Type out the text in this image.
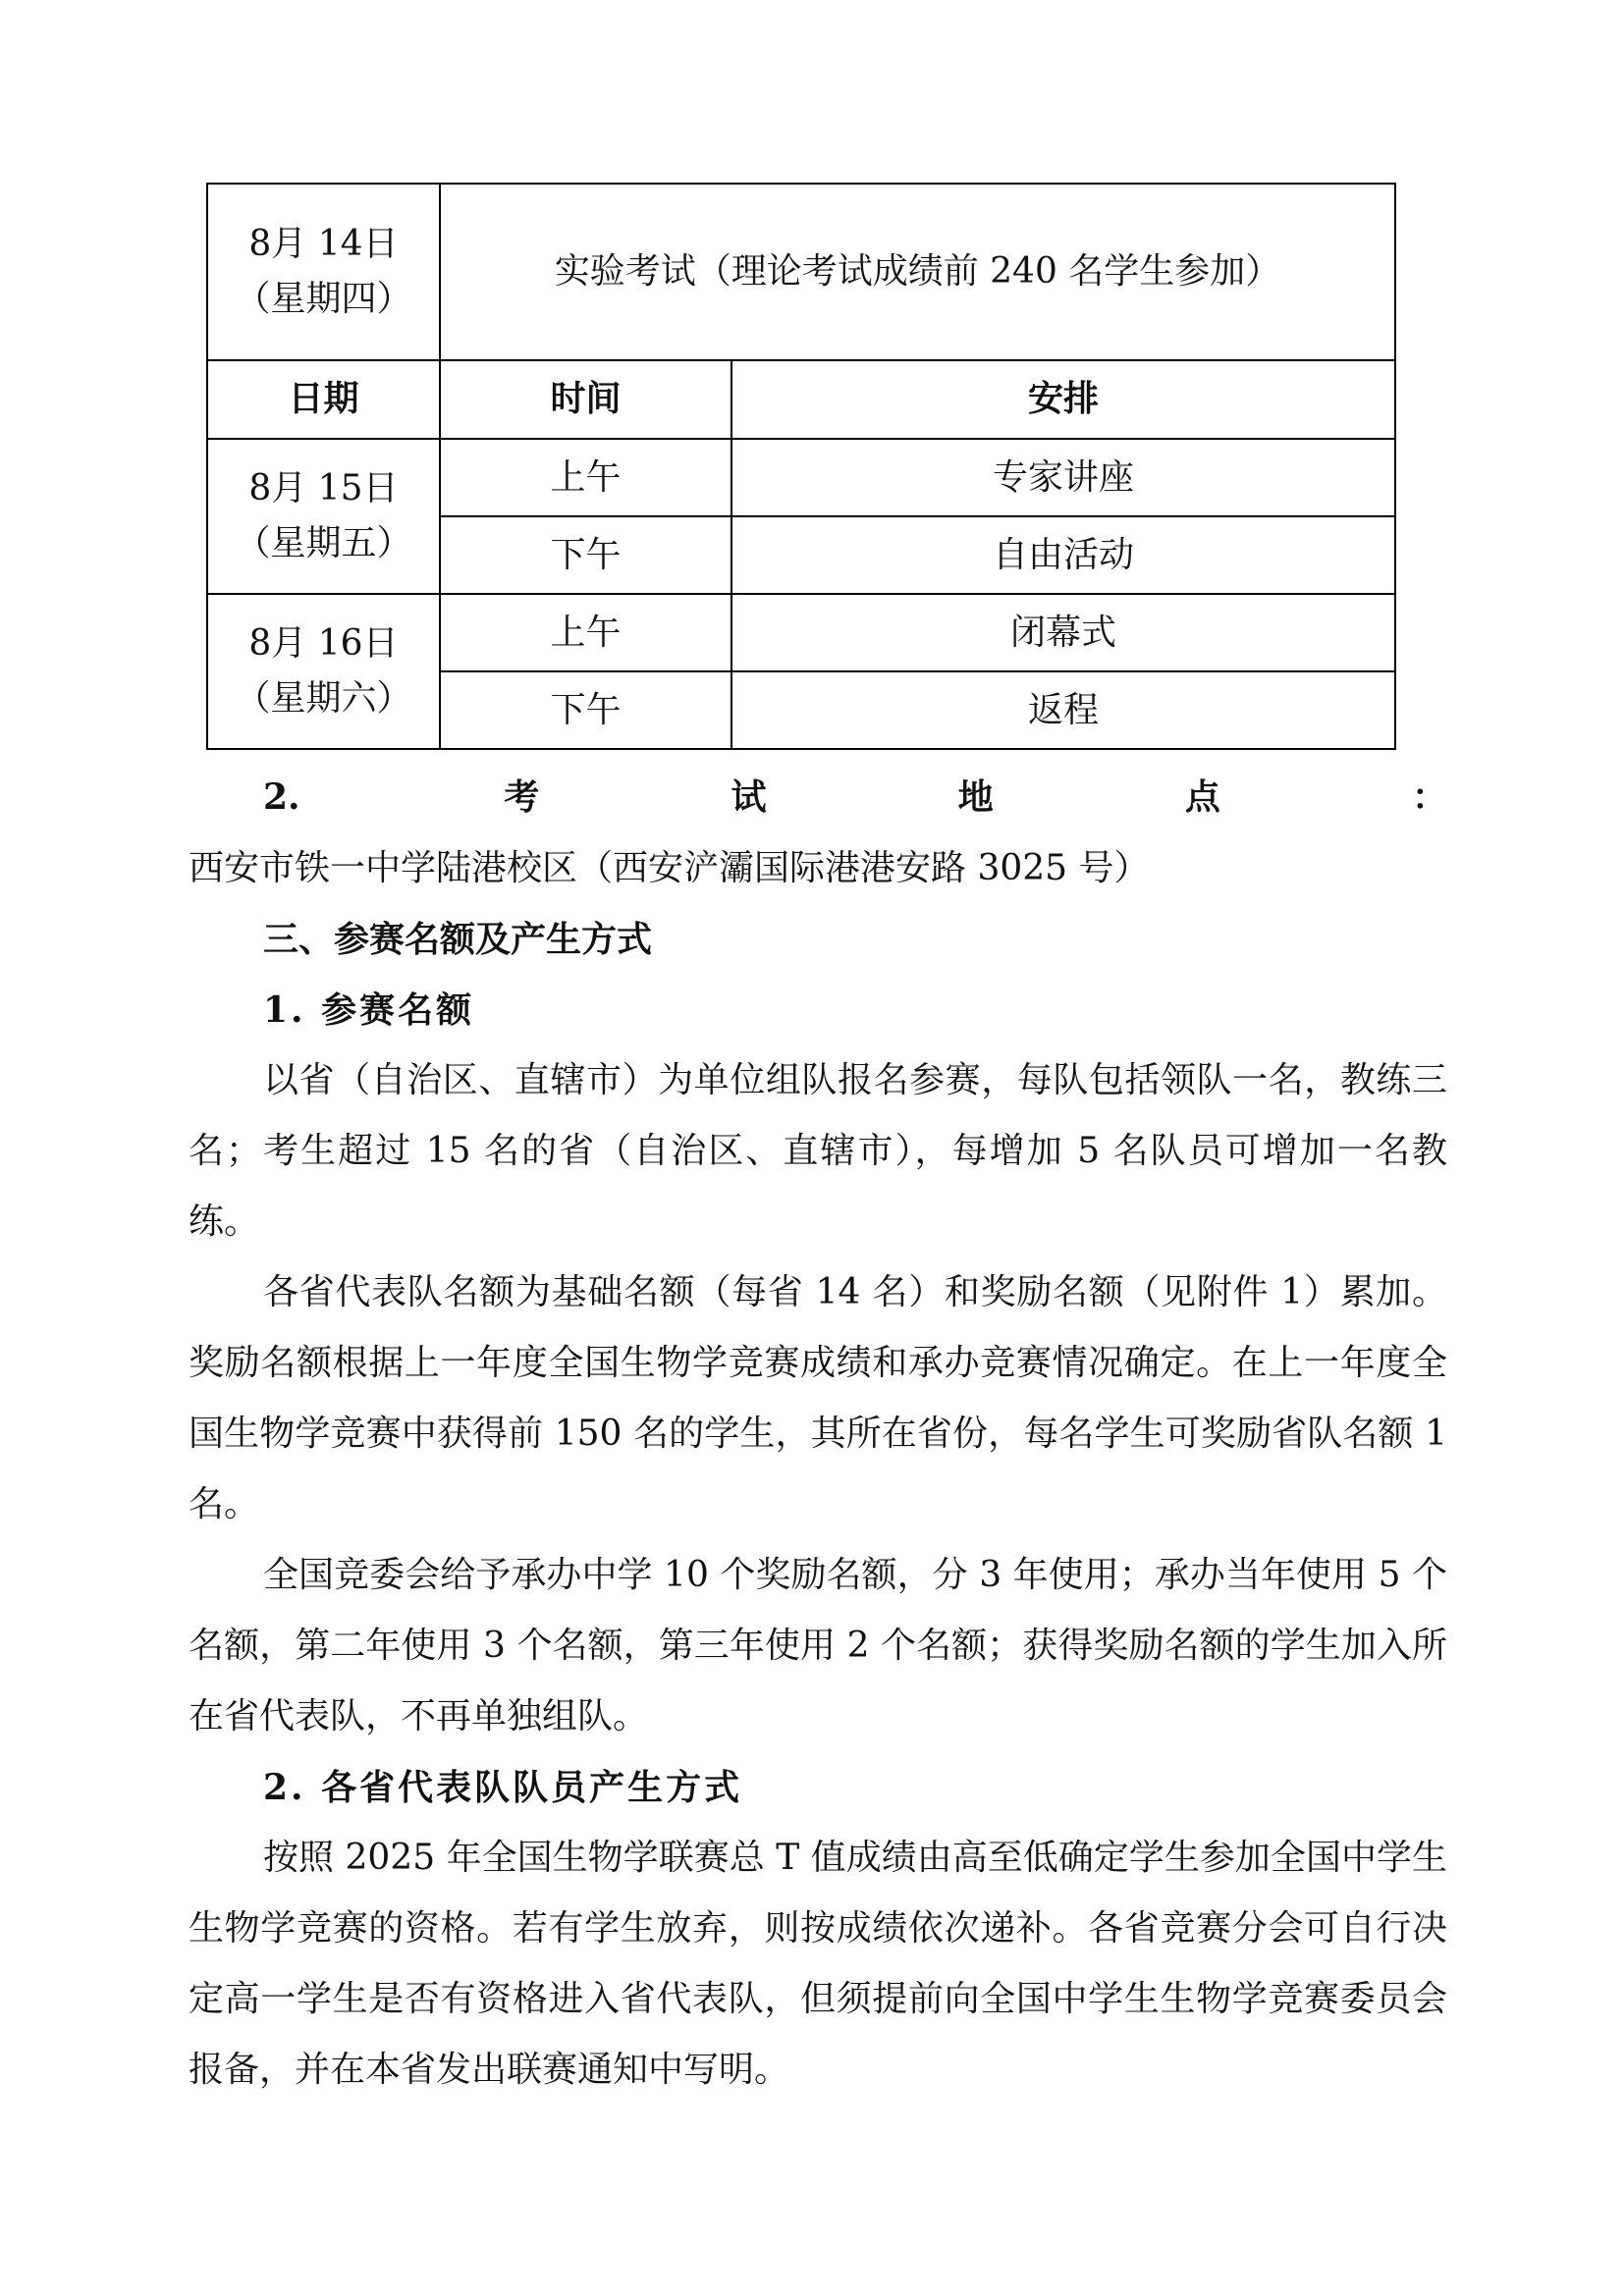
8月 14日
（星期四）	实验考试（理论考试成绩前 240 名学生参加）	
日期	时间	安排

8月 15日
（星期五）	上午	专家讲座
	下午	自由活动

8月 16日
（星期六）	上午	闭幕式
	下午	返程

2. 考试地点：西安市铁一中学陆港校区（西安浐灞国际港港安路 3025 号）

三、参赛名额及产生方式

1. 参赛名额

以省（自治区、直辖市）为单位组队报名参赛，每队包括领队一名，教练三名；考生超过 15 名的省（自治区、直辖市），每增加 5 名队员可增加一名教练。

各省代表队名额为基础名额（每省 14 名）和奖励名额（见附件 1）累加。奖励名额根据上一年度全国生物学竞赛成绩和承办竞赛情况确定。在上一年度全国生物学竞赛中获得前 150 名的学生，其所在省份，每名学生可奖励省队名额 1 名。

全国竞委会给予承办中学 10 个奖励名额，分 3 年使用；承办当年使用 5 个名额，第二年使用 3 个名额，第三年使用 2 个名额；获得奖励名额的学生加入所在省代表队，不再单独组队。

2. 各省代表队队员产生方式

按照 2025 年全国生物学联赛总 T 值成绩由高至低确定学生参加全国中学生生物学竞赛的资格。若有学生放弃，则按成绩依次递补。各省竞赛分会可自行决定高一学生是否有资格进入省代表队，但须提前向全国中学生生物学竞赛委员会报备，并在本省发出联赛通知中写明。
